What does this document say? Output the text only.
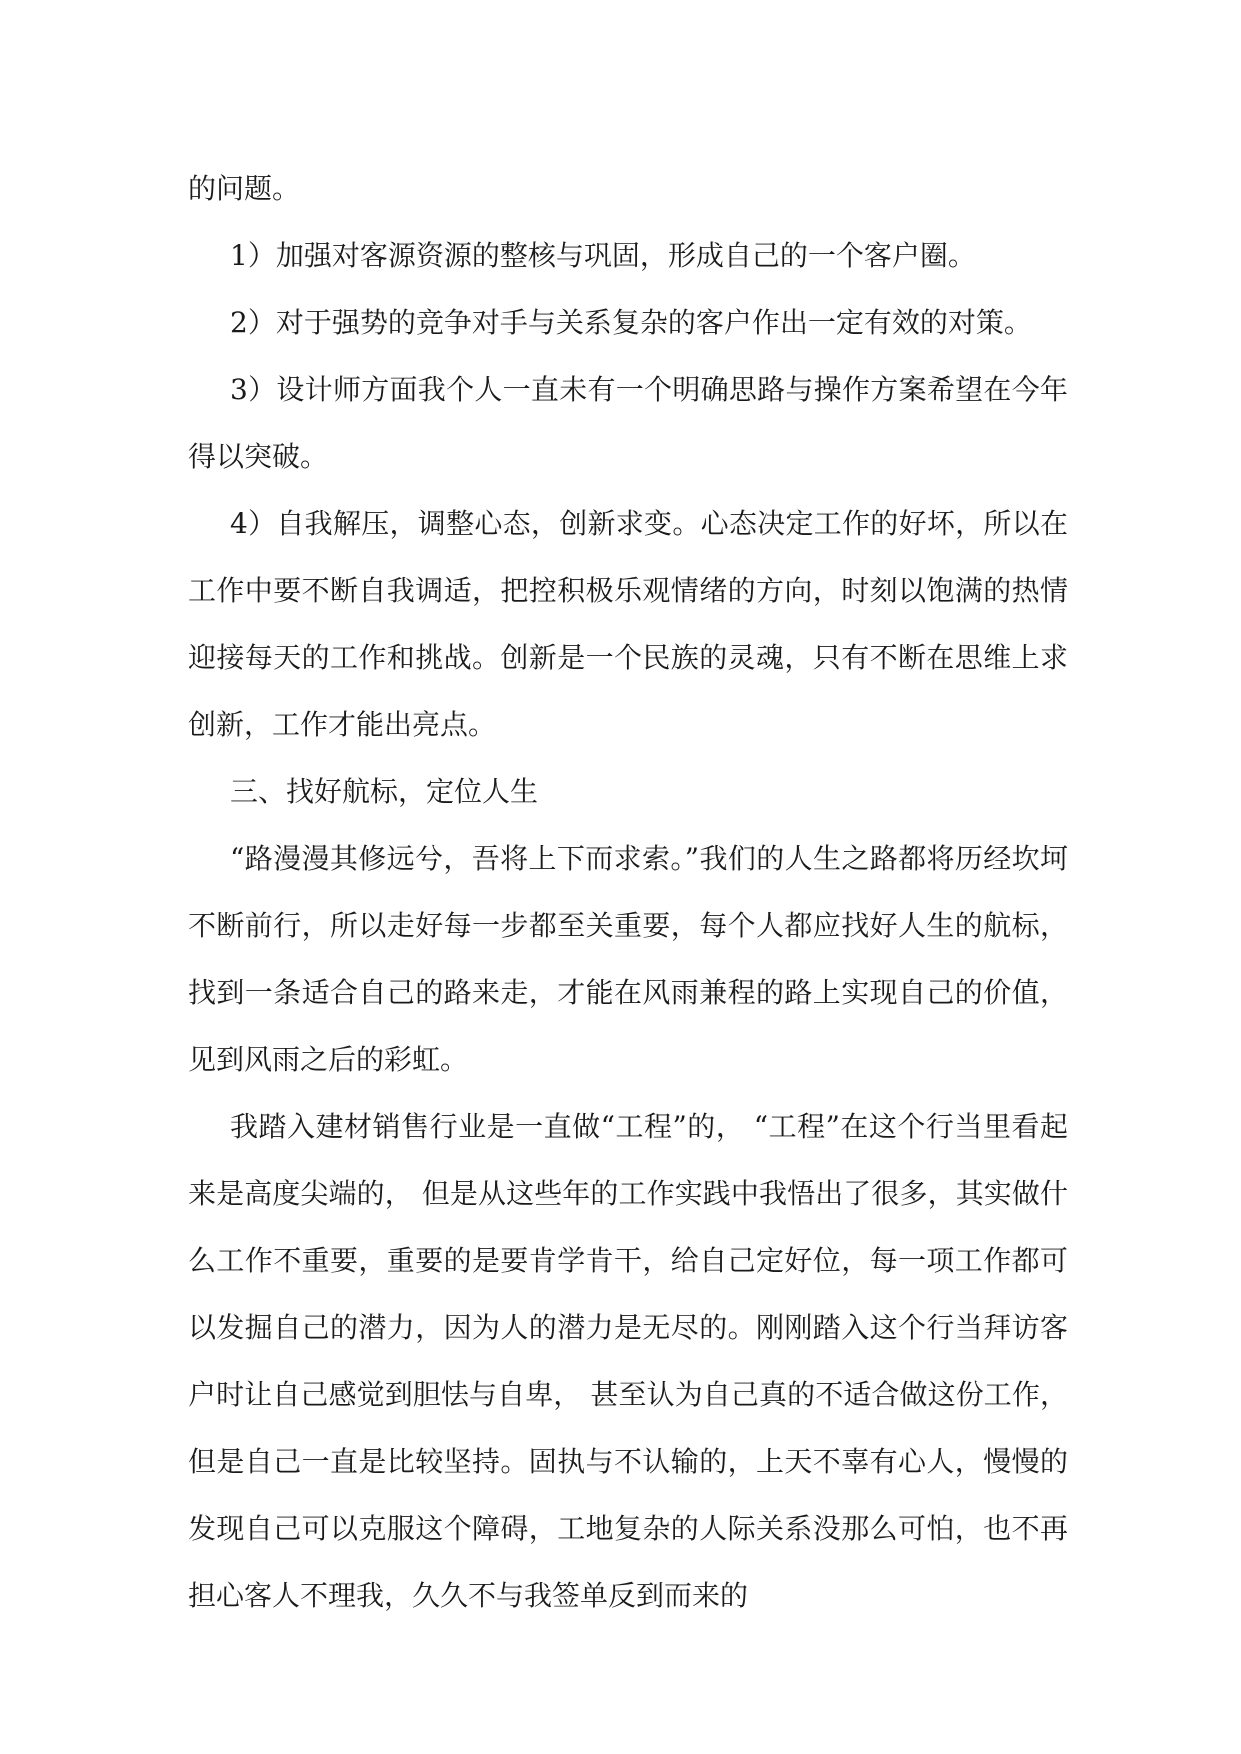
的问题。

1）加强对客源资源的整核与巩固，形成自己的一个客户圈。

2）对于强势的竞争对手与关系复杂的客户作出一定有效的对策。

3）设计师方面我个人一直未有一个明确思路与操作方案希望在今年得以突破。

4）自我解压，调整心态，创新求变。心态决定工作的好坏，所以在工作中要不断自我调适，把控积极乐观情绪的方向，时刻以饱满的热情迎接每天的工作和挑战。创新是一个民族的灵魂，只有不断在思维上求创新，工作才能出亮点。

三、找好航标，定位人生

“路漫漫其修远兮，吾将上下而求索。”我们的人生之路都将历经坎坷不断前行，所以走好每一步都至关重要，每个人都应找好人生的航标，找到一条适合自己的路来走，才能在风雨兼程的路上实现自己的价值，见到风雨之后的彩虹。

我踏入建材销售行业是一直做“工程”的， “工程”在这个行当里看起来是高度尖端的， 但是从这些年的工作实践中我悟出了很多，其实做什么工作不重要，重要的是要肯学肯干，给自己定好位，每一项工作都可以发掘自己的潜力，因为人的潜力是无尽的。刚刚踏入这个行当拜访客户时让自己感觉到胆怯与自卑， 甚至认为自己真的不适合做这份工作，但是自己一直是比较坚持。固执与不认输的，上天不辜有心人，慢慢的发现自己可以克服这个障碍，工地复杂的人际关系没那么可怕，也不再担心客人不理我，久久不与我签单反到而来的
